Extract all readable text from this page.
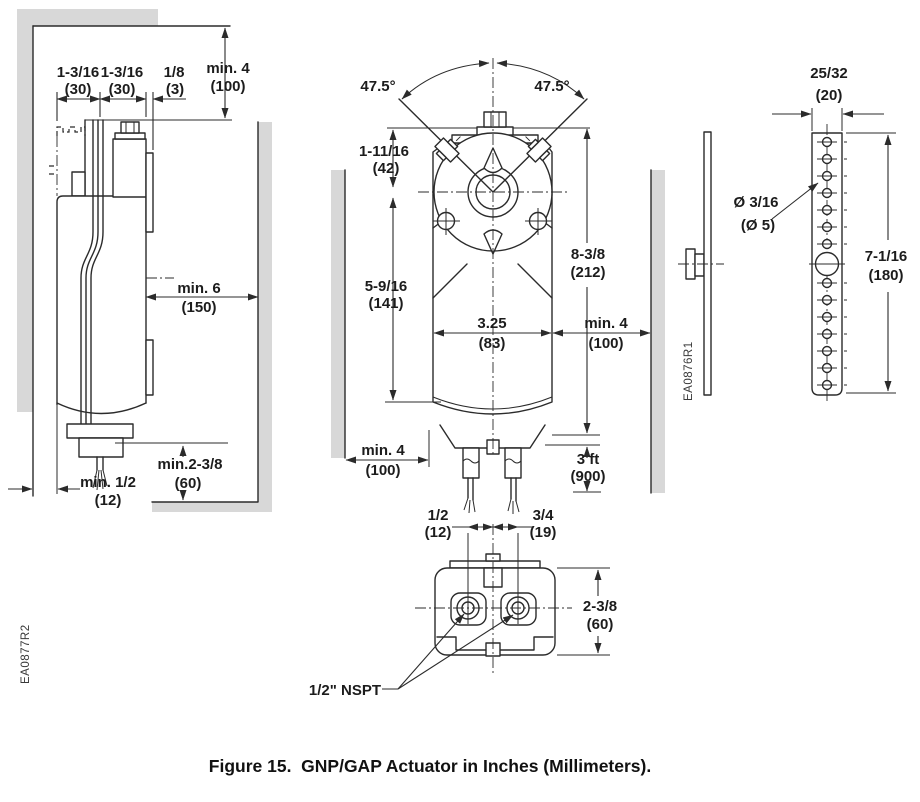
1-3/16
(30)
1-3/16
(30)
1/8
(3)
min. 4
(100)
min. 6
(150)
min.2-3/8
(60)
min. 1/2
(12)
EA0877R2
47.5°	47.5°
1-11/16
(42)
5-9/16
(141)
8-3/8
(212)
3.25
(83)
min. 4
(100)
min. 4
(100)
3 ft
(900)
1/2
(12)
3/4
(19)
2-3/8
(60)
1/2" NSPT
EA0876R1
25/32
(20)
7-1/16
(180)
Ø 3/16
(Ø 5)
Figure 15.  GNP/GAP Actuator in Inches (Millimeters).
